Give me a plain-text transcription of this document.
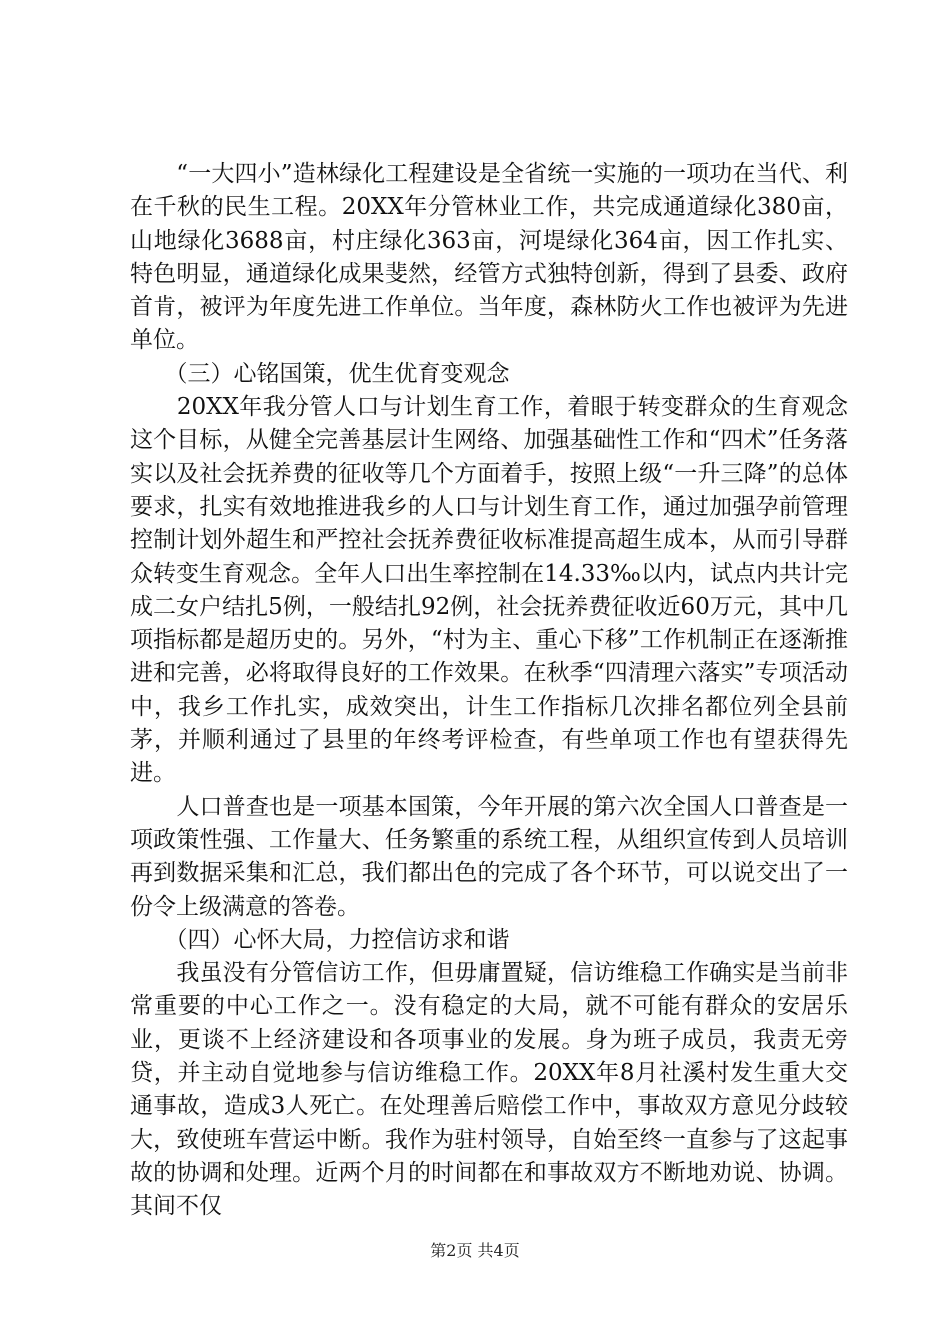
　　“一大四小”造林绿化工程建设是全省统一实施的一项功在当代、利在千秋的民生工程。20XX年分管林业工作，共完成通道绿化380亩，山地绿化3688亩，村庄绿化363亩，河堤绿化364亩，因工作扎实、特色明显，通道绿化成果斐然，经管方式独特创新，得到了县委、政府首肯，被评为年度先进工作单位。当年度，森林防火工作也被评为先进单位。

　　（三）心铭国策，优生优育变观念

　　20XX年我分管人口与计划生育工作，着眼于转变群众的生育观念这个目标，从健全完善基层计生网络、加强基础性工作和“四术”任务落实以及社会抚养费的征收等几个方面着手，按照上级“一升三降”的总体要求，扎实有效地推进我乡的人口与计划生育工作，通过加强孕前管理控制计划外超生和严控社会抚养费征收标准提高超生成本，从而引导群众转变生育观念。全年人口出生率控制在14.33‰以内，试点内共计完成二女户结扎5例，一般结扎92例，社会抚养费征收近60万元，其中几项指标都是超历史的。另外，“村为主、重心下移”工作机制正在逐渐推进和完善，必将取得良好的工作效果。在秋季“四清理六落实”专项活动中，我乡工作扎实，成效突出，计生工作指标几次排名都位列全县前茅，并顺利通过了县里的年终考评检查，有些单项工作也有望获得先进。

　　人口普查也是一项基本国策，今年开展的第六次全国人口普查是一项政策性强、工作量大、任务繁重的系统工程，从组织宣传到人员培训再到数据采集和汇总，我们都出色的完成了各个环节，可以说交出了一份令上级满意的答卷。

　　（四）心怀大局，力控信访求和谐

　　我虽没有分管信访工作，但毋庸置疑，信访维稳工作确实是当前非常重要的中心工作之一。没有稳定的大局，就不可能有群众的安居乐业，更谈不上经济建设和各项事业的发展。身为班子成员，我责无旁贷，并主动自觉地参与信访维稳工作。20XX年8月社溪村发生重大交通事故，造成3人死亡。在处理善后赔偿工作中，事故双方意见分歧较大，致使班车营运中断。我作为驻村领导，自始至终一直参与了这起事故的协调和处理。近两个月的时间都在和事故双方不断地劝说、协调。其间不仅

第2页 共4页
